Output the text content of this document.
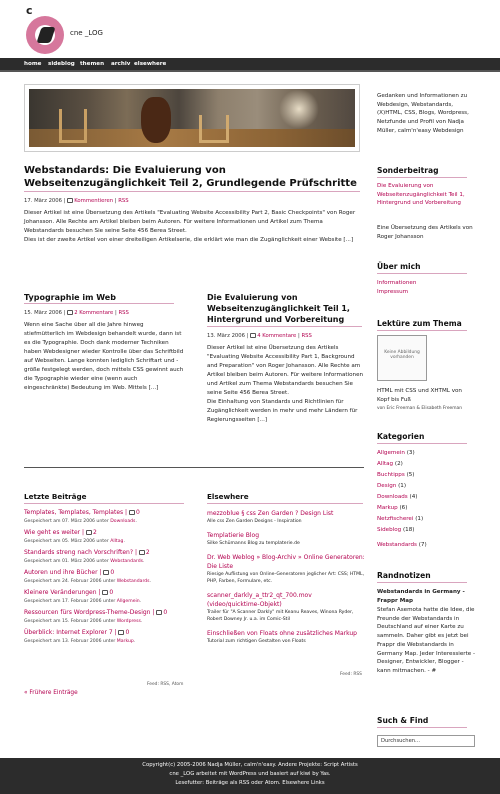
c
cne _LOG
home sideblog themen archiv elsewhere
Webstandards: Die Evaluierung von Webseitenzugänglichkeit Teil 2, Grundlegende Prüfschritte
17. März 2006 | Kommentieren | RSS
Dieser Artikel ist eine Übersetzung des Artikels "Evaluating Website Accessibility Part 2, Basic Checkpoints" von Roger Johansson. Alle Rechte am Artikel bleiben beim Autoren. Für weitere Informationen und Artikel zum Thema Webstandards besuchen Sie seine Seite 456 Berea Street.
Dies ist der zweite Artikel von einer dreiteiligen Artikelserie, die erklärt wie man die Zugänglichkeit einer Website [...]
Typographie im Web
15. März 2006 | 2 Kommentare | RSS
Wenn eine Sache über all die Jahre hinweg stiefmütterlich im Webdesign behandelt wurde, dann ist es die Typographie. Doch dank moderner Techniken haben Webdesigner wieder Kontrolle über das Schriftbild auf Webseiten. Lange konnten lediglich Schriftart und -größe festgelegt werden, doch mittels CSS gewinnt auch die Typographie wieder eine (wenn auch eingeschränkte) Bedeutung im Web. Mittels [...]
Die Evaluierung von Webseitenzugänglichkeit Teil 1, Hintergrund und Vorbereitung
13. März 2006 | 4 Kommentare | RSS
Dieser Artikel ist eine Übersetzung des Artikels "Evaluating Website Accessibility Part 1, Background and Preparation" von Roger Johansson. Alle Rechte am Artikel bleiben beim Autoren. Für weitere Informationen und Artikel zum Thema Webstandards besuchen Sie seine Seite 456 Berea Street.
Die Einhaltung von Standards und Richtlinien für Zugänglichkeit werden in mehr und mehr Ländern für Regierungsseiten [...]
Letzte Beiträge
Templates, Templates, Templates | 0
Gespeichert am 07. März 2006 unter Downloads.
Wie geht es weiter | 2
Gespeichert am 05. März 2006 unter Alltag.
Standards streng nach Vorschriften? | 2
Gespeichert am 01. März 2006 unter Webstandards.
Autoren und ihre Bücher | 0
Gespeichert am 24. Februar 2006 unter Webstandards.
Kleinere Veränderungen | 0
Gespeichert am 17. Februar 2006 unter Allgemein.
Ressourcen fürs Wordpress-Theme-Design | 0
Gespeichert am 15. Februar 2006 unter Wordpress.
Überblick: Internet Explorer 7 | 0
Gespeichert am 13. Februar 2006 unter Markup.
Feed: RSS, Atom
« Frühere Einträge
Elsewhere
mezzoblue § css Zen Garden ? Design List
Alle css Zen Garden Designs - Inspiration
Templatierie Blog
Silke Schümanns Blog zu templaterie.de
Dr. Web Weblog » Blog-Archiv » Online Generatoren: Die Liste
Riesige Auflistung von Online-Generatoren jeglicher Art: CSS; HTML, PHP, Farben, Formulare, etc.
scanner_darkly_a_ttr2_qt_700.mov (video/quicktime-Objekt)
Trailer für "A Scanner Darkly" mit Keanu Reaves, Winona Ryder, Robert Downey Jr. u.a. im Comic-Stil
Einschließen von Floats ohne zusätzliches Markup
Tutorial zum richtigen Gestalten von Floats
Feed: RSS
Gedanken und Informationen zu Webdesign, Webstandards, (X)HTML, CSS, Blogs, Wordpress, Netzfunde und Profil von Nadja Müller, calm'n'easy Webdesign
Sonderbeitrag
Die Evaluierung von Webseitenzugänglichkeit Teil 1, Hintergrund und Vorbereitung
Eine Übersetzung des Artikels von Roger Johansson
Über mich
Informationen
Impressum
Lektüre zum Thema
Keine Abbildung vorhanden
HTML mit CSS und XHTML von Kopf bis Fuß
von Eric Freeman & Elisabeth Freeman
Kategorien
Allgemein (3)
Alltag (2)
Buchtipps (5)
Design (1)
Downloads (4)
Markup (6)
Netzfischerei (1)
Sideblog (18)
Webstandards (7)
Randnotizen
Webstandards in Germany - Frappr Map
Stefan Asemota hatte die Idee, die Freunde der Webstandards in Deutschland auf einer Karte zu sammeln. Daher gibt es jetzt bei Frappr die Webstandards in Germany Map. Jeder Interessierte - Designer, Entwickler, Blogger - kann mitmachen. - #
Such & Find
Durchsuchen...
Copyright(c) 2005-2006 Nadja Müller, calm'n'easy. Andere Projekte: Script Artists
cne _LOG arbeitet mit WordPress und basiert auf kiwi by Yas.
Lesefutter: Beiträge als RSS oder Atom. Elsewhere Links
